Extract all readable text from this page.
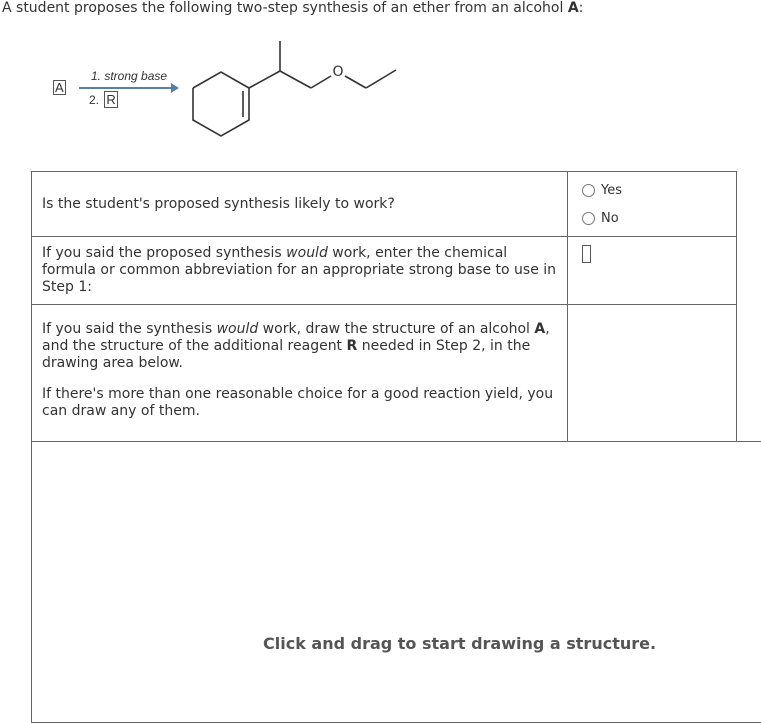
A student proposes the following two-step synthesis of an ether from an alcohol A:
A
1. strong base
2. R
O
Is the student's proposed synthesis likely to work?	Yes
No

If you said the proposed synthesis would work, enter the chemical formula or common abbreviation for an appropriate strong base to use in Step 1:	

If you said the synthesis would work, draw the structure of an alcohol A, and the structure of the additional reagent R needed in Step 2, in the drawing area below.

If there's more than one reasonable choice for a good reaction yield, you can draw any of them.	

Click and drag to start drawing a structure.
